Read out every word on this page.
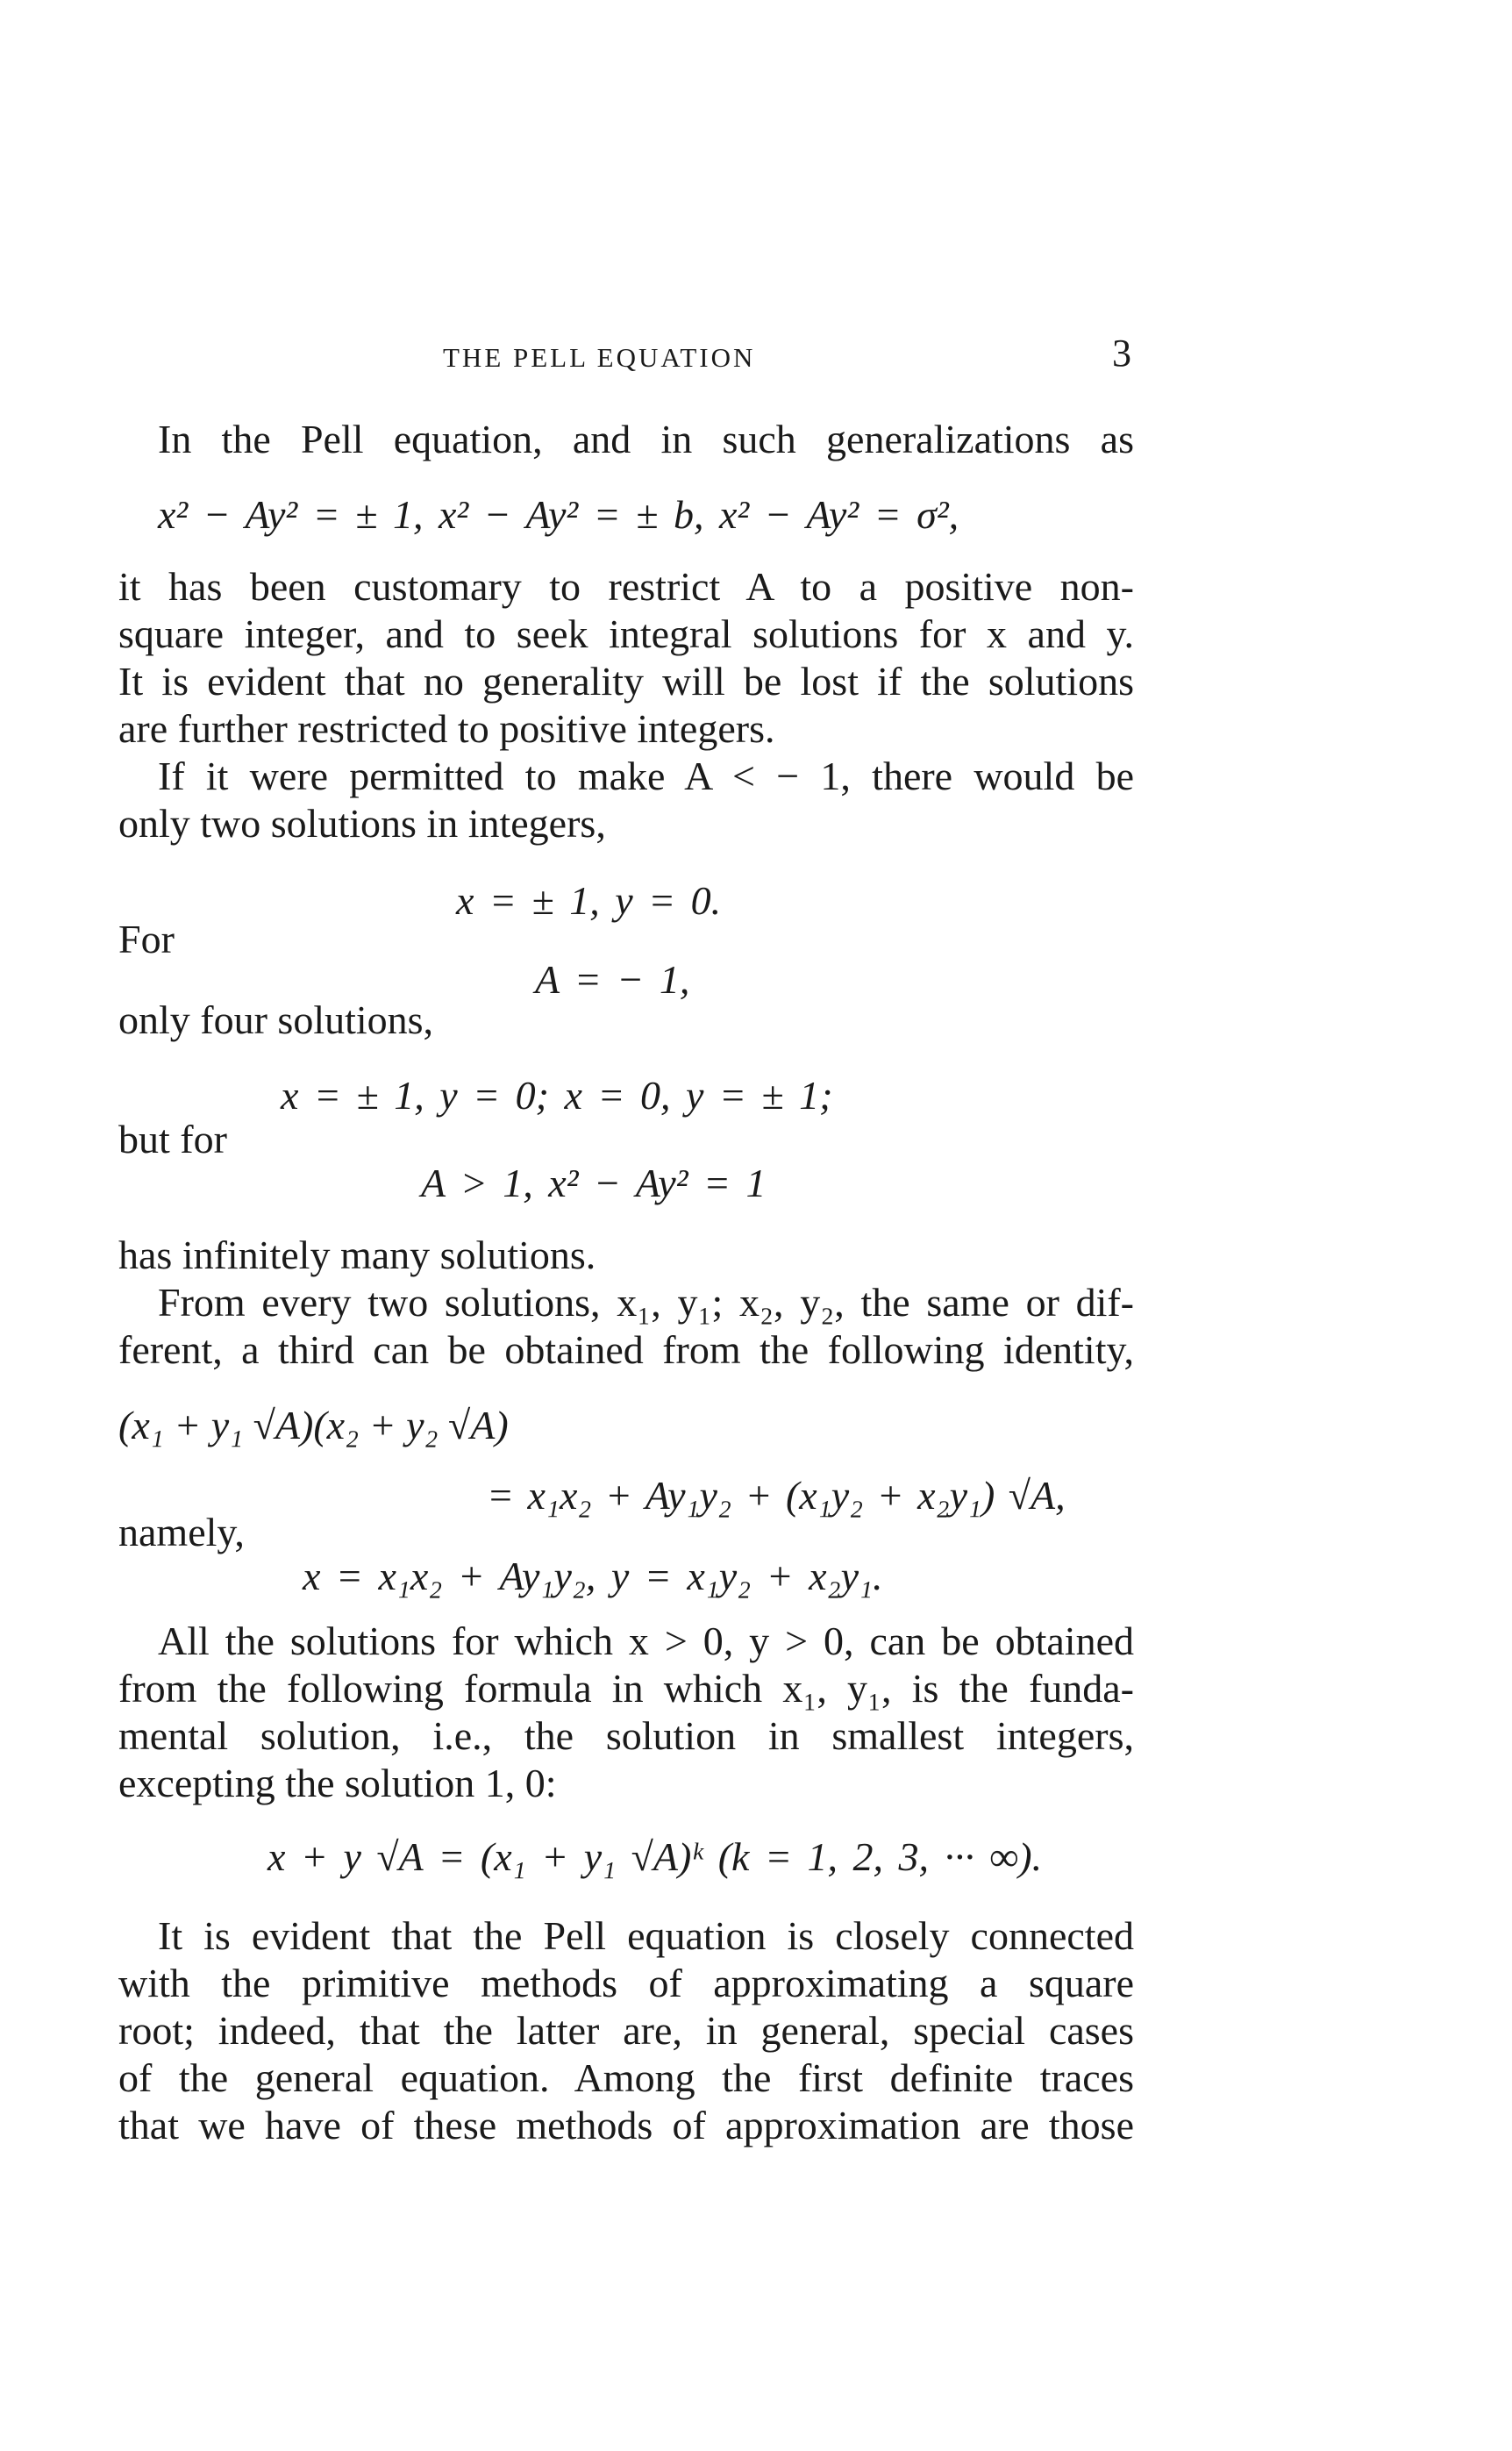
THE PELL EQUATION	3
In the Pell equation, and in such generalizations as
x² − Ay² = ± 1, x² − Ay² = ± b, x² − Ay² = σ²,
it has been customary to restrict A to a positive non-
square integer, and to seek integral solutions for x and y.
It is evident that no generality will be lost if the solutions
are further restricted to positive integers.
If it were permitted to make A < − 1, there would be
only two solutions in integers,
x = ± 1, y = 0.
For
A = − 1,
only four solutions,
x = ± 1, y = 0; x = 0, y = ± 1;
but for
A > 1, x² − Ay² = 1
has infinitely many solutions.
From every two solutions, x₁, y₁; x₂, y₂, the same or dif-
ferent, a third can be obtained from the following identity,
(x₁ + y₁ √A)(x₂ + y₂ √A)
= x₁x₂ + Ay₁y₂ + (x₁y₂ + x₂y₁) √A,
namely,
x = x₁x₂ + Ay₁y₂, y = x₁y₂ + x₂y₁.
All the solutions for which x > 0, y > 0, can be obtained
from the following formula in which x₁, y₁, is the funda-
mental solution, i.e., the solution in smallest integers,
excepting the solution 1, 0:
x + y √A = (x₁ + y₁ √A)ᵏ (k = 1, 2, 3, ··· ∞).
It is evident that the Pell equation is closely connected
with the primitive methods of approximating a square
root; indeed, that the latter are, in general, special cases
of the general equation. Among the first definite traces
that we have of these methods of approximation are those
